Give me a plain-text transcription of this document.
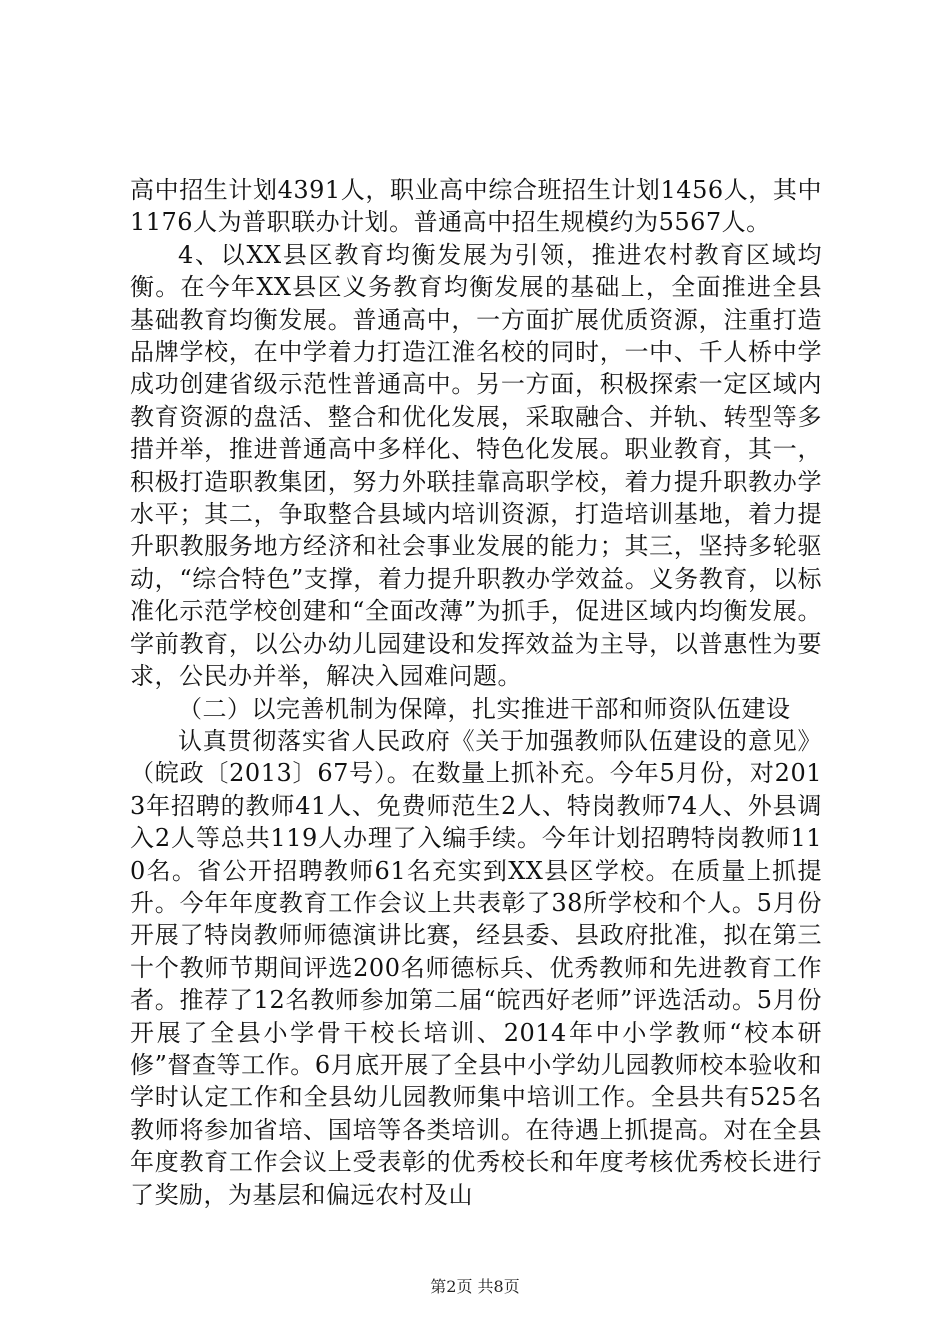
高中招生计划4391人，职业高中综合班招生计划1456人，其中1176人为普职联办计划。普通高中招生规模约为5567人。

4、以XX县区教育均衡发展为引领，推进农村教育区域均衡。在今年XX县区义务教育均衡发展的基础上，全面推进全县基础教育均衡发展。普通高中，一方面扩展优质资源，注重打造品牌学校，在中学着力打造江淮名校的同时，一中、千人桥中学成功创建省级示范性普通高中。另一方面，积极探索一定区域内教育资源的盘活、整合和优化发展，采取融合、并轨、转型等多措并举，推进普通高中多样化、特色化发展。职业教育，其一，积极打造职教集团，努力外联挂靠高职学校，着力提升职教办学水平；其二，争取整合县域内培训资源，打造培训基地，着力提升职教服务地方经济和社会事业发展的能力；其三，坚持多轮驱动，“综合特色”支撑，着力提升职教办学效益。义务教育，以标准化示范学校创建和“全面改薄”为抓手，促进区域内均衡发展。学前教育，以公办幼儿园建设和发挥效益为主导，以普惠性为要求，公民办并举，解决入园难问题。

（二）以完善机制为保障，扎实推进干部和师资队伍建设

认真贯彻落实省人民政府《关于加强教师队伍建设的意见》（皖政〔2013〕67号）。在数量上抓补充。今年5月份，对2013年招聘的教师41人、免费师范生2人、特岗教师74人、外县调入2人等总共119人办理了入编手续。今年计划招聘特岗教师110名。省公开招聘教师61名充实到XX县区学校。在质量上抓提升。今年年度教育工作会议上共表彰了38所学校和个人。5月份开展了特岗教师师德演讲比赛，经县委、县政府批准，拟在第三十个教师节期间评选200名师德标兵、优秀教师和先进教育工作者。推荐了12名教师参加第二届“皖西好老师”评选活动。5月份开展了全县小学骨干校长培训、2014年中小学教师“校本研修”督查等工作。6月底开展了全县中小学幼儿园教师校本验收和学时认定工作和全县幼儿园教师集中培训工作。全县共有525名教师将参加省培、国培等各类培训。在待遇上抓提高。对在全县年度教育工作会议上受表彰的优秀校长和年度考核优秀校长进行了奖励，为基层和偏远农村及山

第2页 共8页
